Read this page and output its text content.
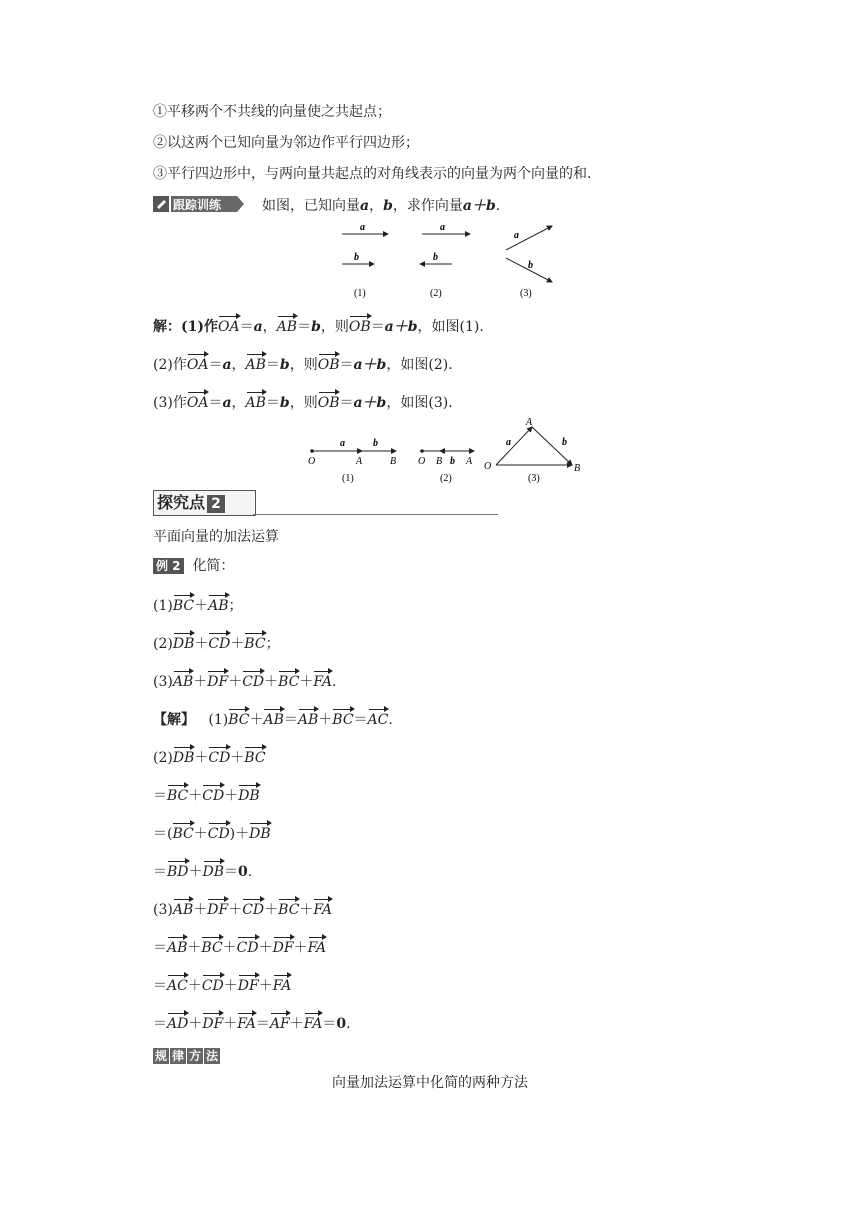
①平移两个不共线的向量使之共起点；
②以这两个已知向量为邻边作平行四边形；
③平行四边形中，与两向量共起点的对角线表示的向量为两个向量的和.
跟踪训练	如图，已知向量a，b，求作向量a＋b.
a
b
a
b
a
b
(1)	(2)	(3)
解：(1)作OA＝a，AB＝b，则OB＝a＋b，如图(1).
(2)作OA＝a，AB＝b，则OB＝a＋b，如图(2).
(3)作OA＝a，AB＝b，则OB＝a＋b，如图(3).
a	b
O	A	B O B b A
a	b
A
O	B
(1)	(2)	(3)
探究点 2
平面向量的加法运算
例 2 化简：
(1)BC＋AB；
(2)DB＋CD＋BC；
(3)AB＋DF＋CD＋BC＋FA.
【解】 (1)BC＋AB＝AB＋BC＝AC.
(2)DB＋CD＋BC
＝BC＋CD＋DB
＝(BC＋CD)＋DB
＝BD＋DB＝0.
(3)AB＋DF＋CD＋BC＋FA
＝AB＋BC＋CD＋DF＋FA
＝AC＋CD＋DF＋FA
＝AD＋DF＋FA＝AF＋FA＝0.
规 律 方 法
向量加法运算中化简的两种方法
